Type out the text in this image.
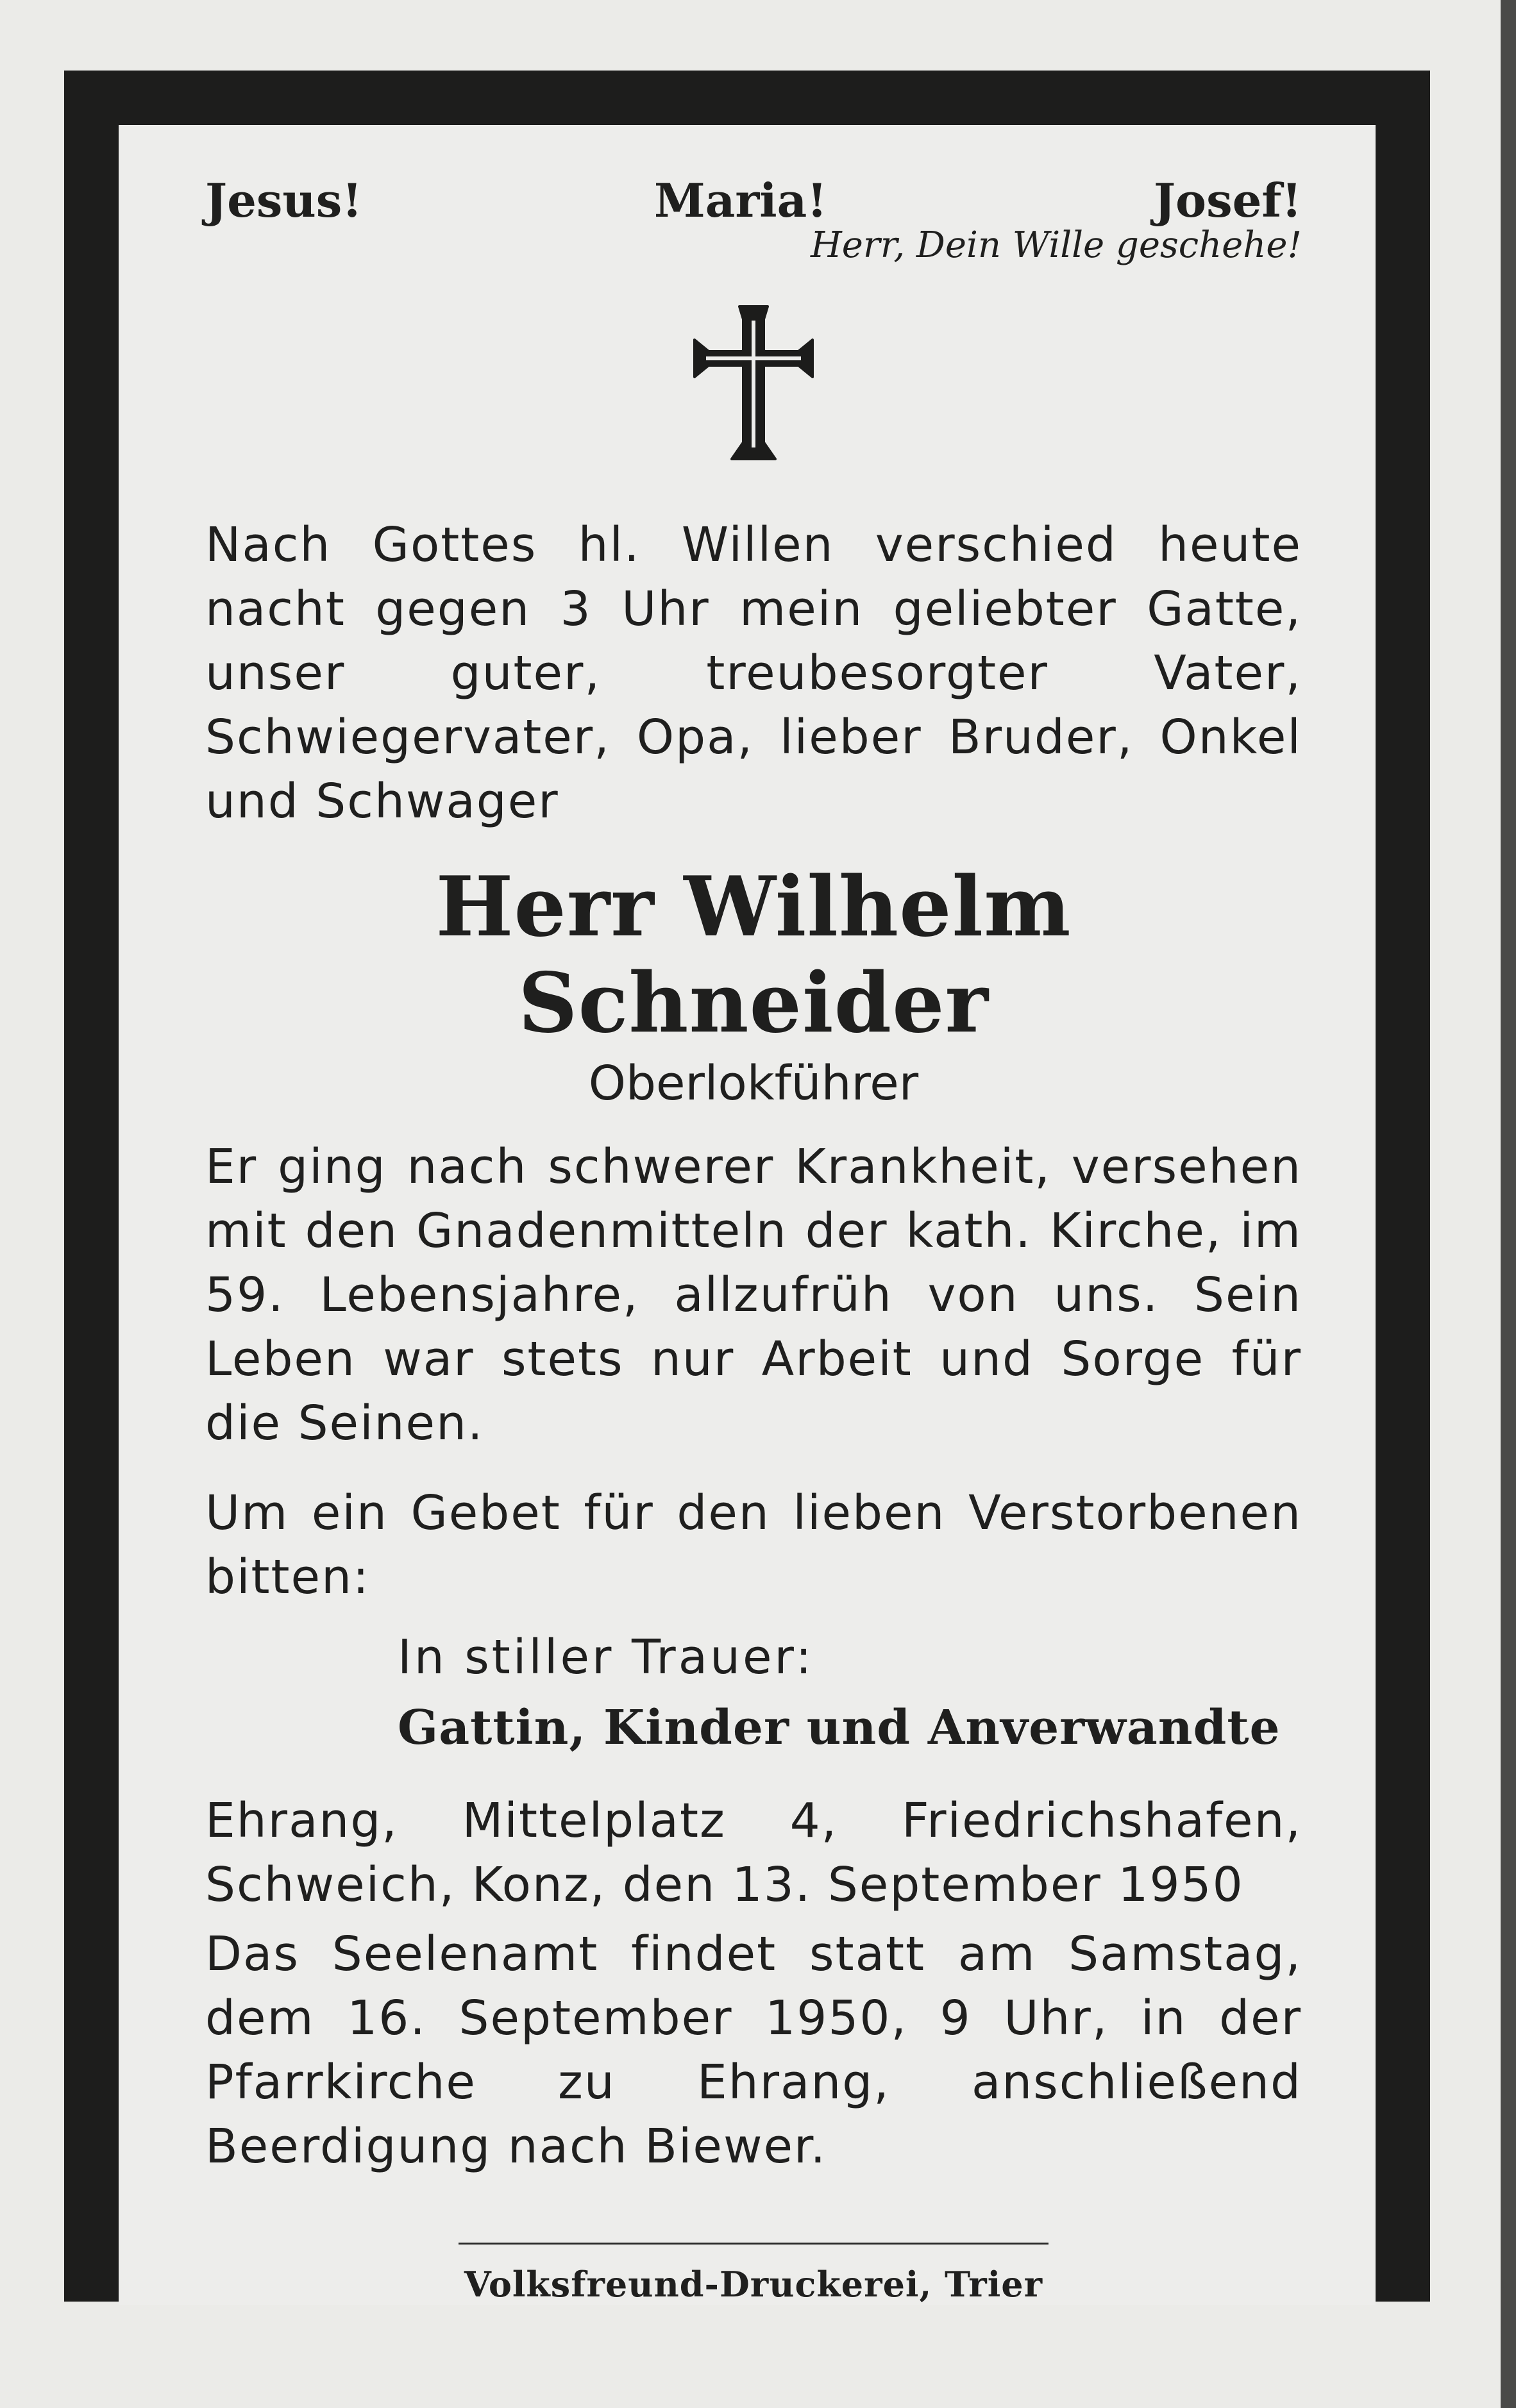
Jesus!	Maria!	Josef!
Herr, Dein Wille geschehe!
Nach Gottes hl. Willen verschied heute nacht gegen 3 Uhr mein geliebter Gatte, unser guter, treubesorgter Vater, Schwiegervater, Opa, lieber Bruder, Onkel und Schwager
Herr Wilhelm Schneider
Oberlokführer
Er ging nach schwerer Krankheit, versehen mit den Gnadenmitteln der kath. Kirche, im 59. Lebensjahre, allzufrüh von uns. Sein Leben war stets nur Arbeit und Sorge für die Seinen.
Um ein Gebet für den lieben Verstorbenen bitten:
In stiller Trauer:
Gattin, Kinder und Anverwandte
Ehrang, Mittelplatz 4, Friedrichshafen, Schweich, Konz, den 13. September 1950
Das Seelenamt findet statt am Samstag, dem 16. September 1950, 9 Uhr, in der Pfarrkirche zu Ehrang, anschließend Beerdigung nach Biewer.
Volksfreund-Druckerei, Trier
